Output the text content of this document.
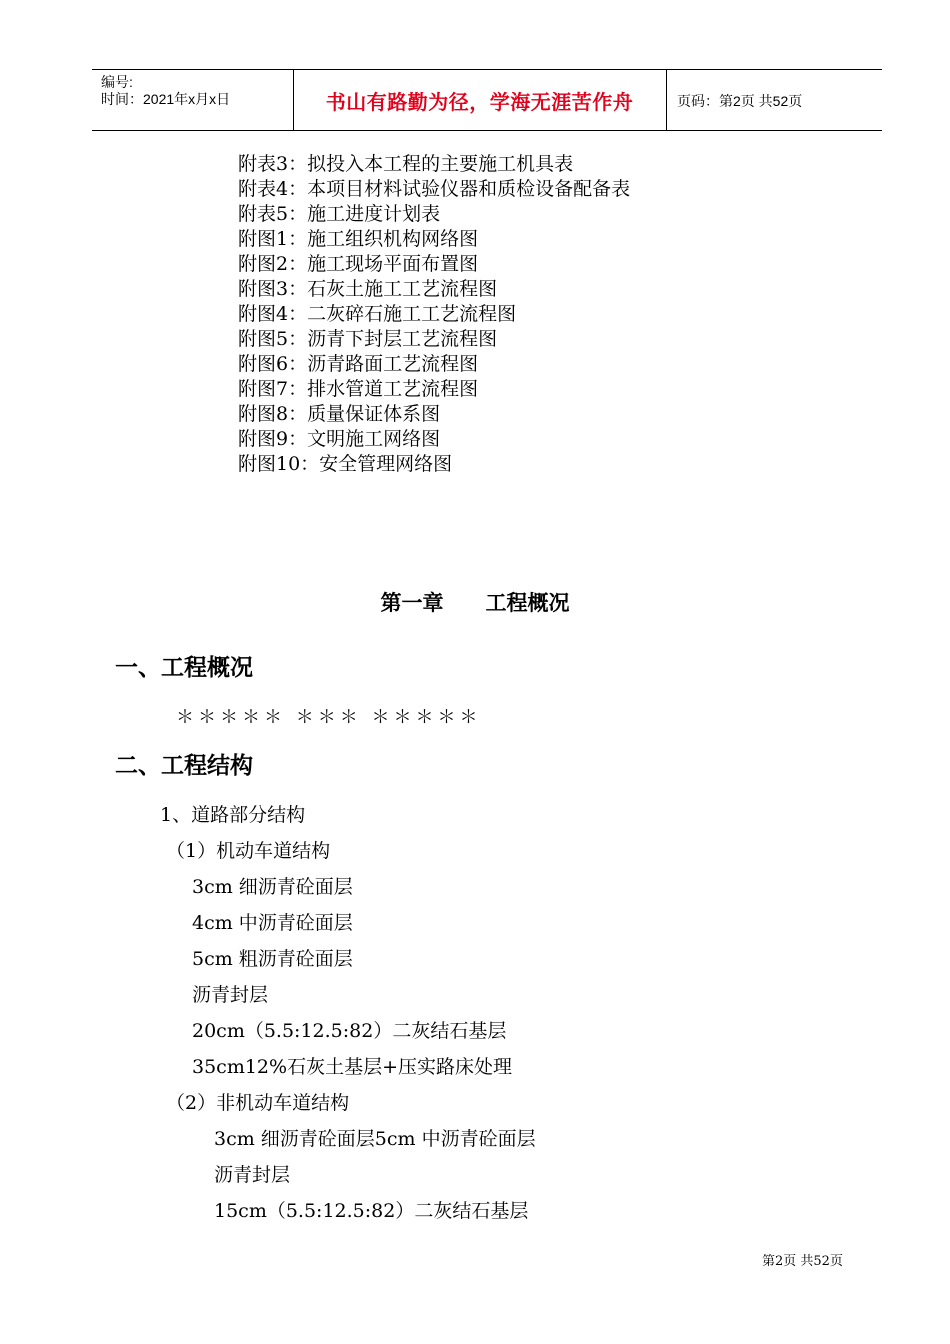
编号:
时间：2021年x月x日	书山有路勤为径，学海无涯苦作舟	页码：第2页 共52页
附表3：拟投入本工程的主要施工机具表
附表4：本项目材料试验仪器和质检设备配备表
附表5：施工进度计划表
附图1：施工组织机构网络图
附图2：施工现场平面布置图
附图3：石灰土施工工艺流程图
附图4：二灰碎石施工工艺流程图
附图5：沥青下封层工艺流程图
附图6：沥青路面工艺流程图
附图7：排水管道工艺流程图
附图8：质量保证体系图
附图9：文明施工网络图
附图10：安全管理网络图
第一章　　工程概况
一、工程概况
＊＊＊＊＊ ＊＊＊ ＊＊＊＊＊
二、工程结构
1、道路部分结构
（1）机动车道结构
3cm 细沥青砼面层
4cm 中沥青砼面层
5cm 粗沥青砼面层
沥青封层
20cm（5.5:12.5:82）二灰结石基层
35cm12%石灰土基层+压实路床处理
（2）非机动车道结构
3cm 细沥青砼面层5cm 中沥青砼面层
沥青封层
15cm（5.5:12.5:82）二灰结石基层
第2页 共52页
